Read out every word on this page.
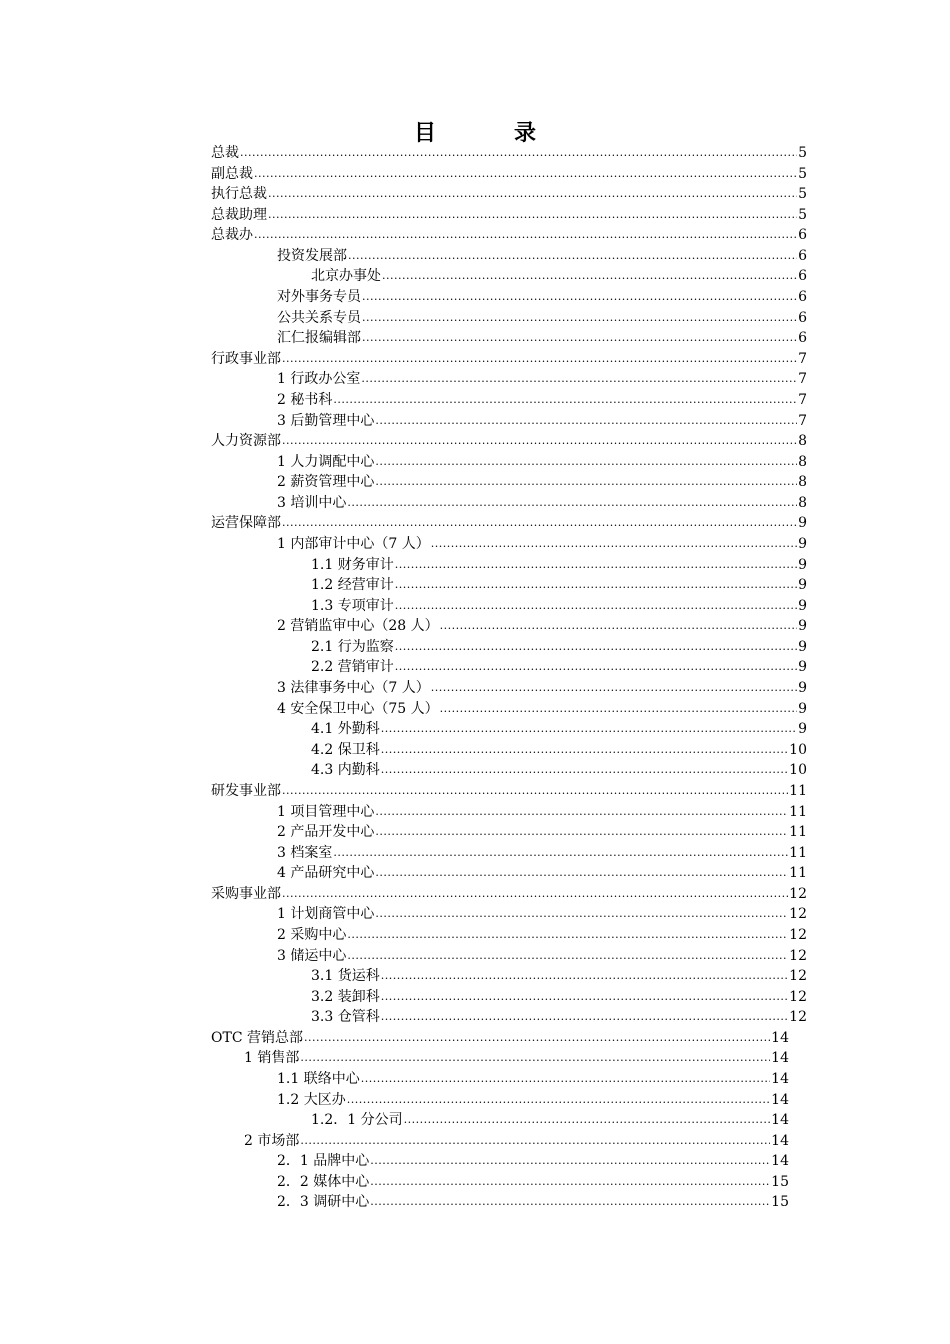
目	录
总裁 .....	5
副总裁 .....	5
执行总裁 .....	5
总裁助理 .....	5
总裁办 .....	6
投资发展部 .....	6
北京办事处 .....	6
对外事务专员 .....	6
公共关系专员 .....	6
汇仁报编辑部 .....	6
行政事业部 .....	7
1 行政办公室 .....	7
2 秘书科 .....	7
3 后勤管理中心 .....	7
人力资源部 .....	8
1 人力调配中心 .....	8
2 薪资管理中心 .....	8
3 培训中心 .....	8
运营保障部 .....	9
1 内部审计中心（7 人） .....	9
1.1 财务审计 .....	9
1.2 经营审计 .....	9
1.3 专项审计 .....	9
2 营销监审中心（28 人） .....	9
2.1 行为监察 .....	9
2.2 营销审计 .....	9
3 法律事务中心（7 人） .....	9
4 安全保卫中心（75 人） .....	9
4.1 外勤科 .....	9
4.2 保卫科 .....	10
4.3 内勤科 .....	10
研发事业部 .....	11
1 项目管理中心 .....	11
2 产品开发中心 .....	11
3 档案室 .....	11
4 产品研究中心 .....	11
采购事业部 .....	12
1 计划商管中心 .....	12
2 采购中心 .....	12
3 储运中心 .....	12
3.1 货运科 .....	12
3.2 装卸科 .....	12
3.3 仓管科 .....	12
OTC 营销总部 .....	14
1 销售部 .....	14
1.1 联络中心 .....	14
1.2 大区办 .....	14
1.2．1 分公司 .....	14
2 市场部 .....	14
2．1 品牌中心 .....	14
2．2 媒体中心 .....	15
2．3 调研中心 .....	15
